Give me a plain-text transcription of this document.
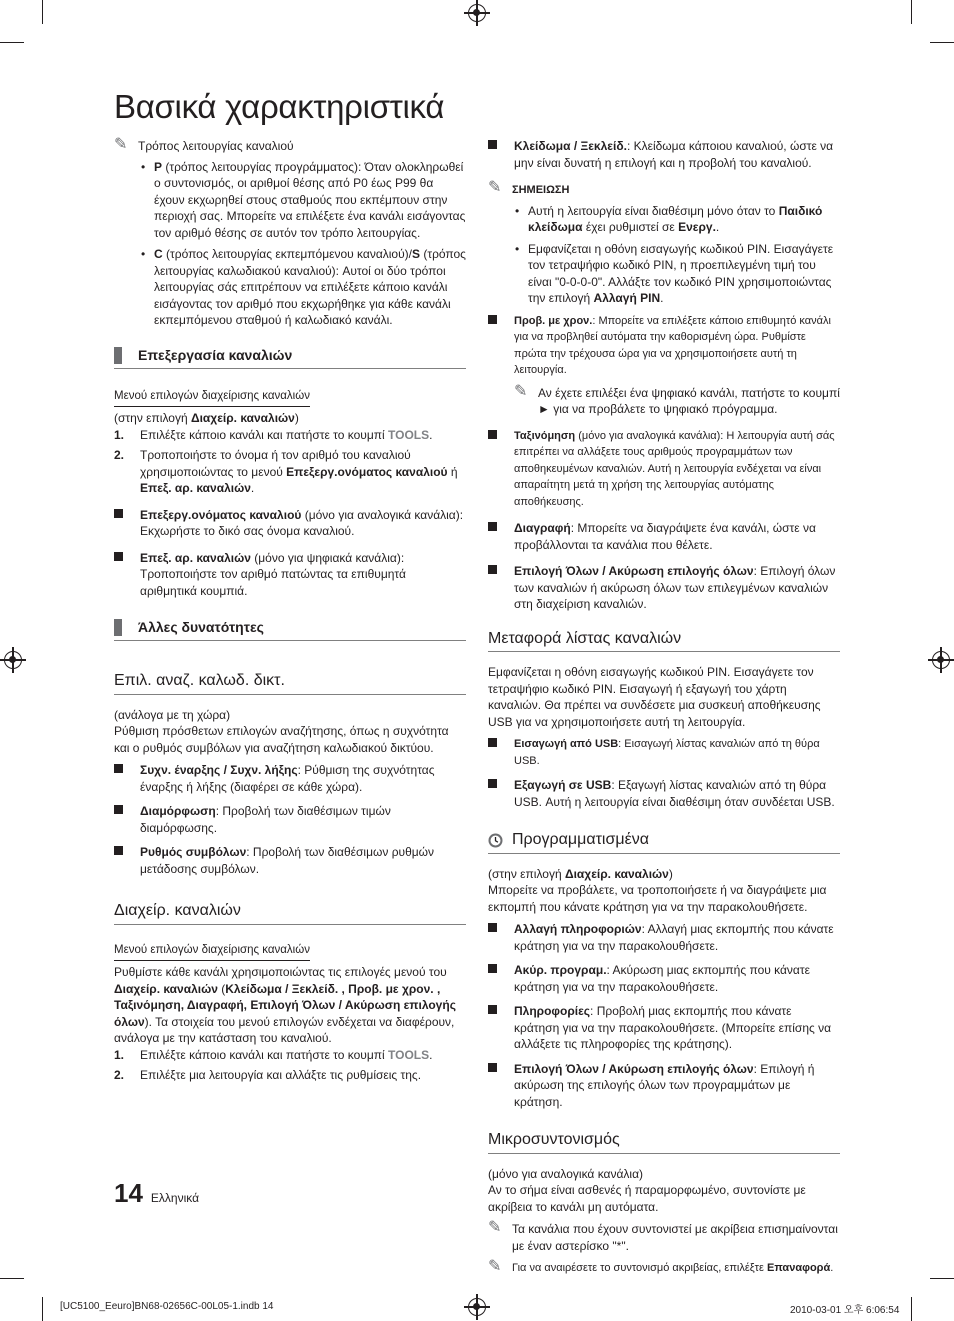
Βασικά χαρακτηριστικά
✎ Τρόπος λειτουργίας καναλιού
• P (τρόπος λειτουργίας προγράμματος): Όταν ολοκληρωθεί ο συντονισμός, οι αριθμοί θέσης από P0 έως P99 θα έχουν εκχωρηθεί στους σταθμούς που εκπέμπουν στην περιοχή σας. Μπορείτε να επιλέξετε ένα κανάλι εισάγοντας τον αριθμό θέσης σε αυτόν τον τρόπο λειτουργίας.
• C (τρόπος λειτουργίας εκπεμπόμενου καναλιού)/S (τρόπος λειτουργίας καλωδιακού καναλιού): Αυτοί οι δύο τρόποι λειτουργίας σάς επιτρέπουν να επιλέξετε κάποιο κανάλι εισάγοντας τον αριθμό που εκχωρήθηκε για κάθε κανάλι εκπεμπόμενου σταθμού ή καλωδιακό κανάλι.
Επεξεργασία καναλιών
Μενού επιλογών διαχείρισης καναλιών

(στην επιλογή Διαχείρ. καναλιών)

1. Επιλέξτε κάποιο κανάλι και πατήστε το κουμπί TOOLS.
2. Τροποποιήστε το όνομα ή τον αριθμό του καναλιού χρησιμοποιώντας το μενού Επεξεργ.ονόματος καναλιού ή Επεξ. αρ. καναλιών.
Επεξεργ.ονόματος καναλιού (μόνο για αναλογικά κανάλια): Εκχωρήστε το δικό σας όνομα καναλιού.
Επεξ. αρ. καναλιών (μόνο για ψηφιακά κανάλια): Τροποποιήστε τον αριθμό πατώντας τα επιθυμητά αριθμητικά κουμπιά.
Άλλες δυνατότητες
Επιλ. αναζ. καλωδ. δικτ.

(ανάλογα με τη χώρα)

Ρύθμιση πρόσθετων επιλογών αναζήτησης, όπως η συχνότητα και ο ρυθμός συμβόλων για αναζήτηση καλωδιακού δικτύου.

Συχν. έναρξης / Συχν. λήξης: Ρύθμιση της συχνότητας έναρξης ή λήξης (διαφέρει σε κάθε χώρα).
Διαμόρφωση: Προβολή των διαθέσιμων τιμών διαμόρφωσης.
Ρυθμός συμβόλων: Προβολή των διαθέσιμων ρυθμών μετάδοσης συμβόλων.
Διαχείρ. καναλιών
Μενού επιλογών διαχείρισης καναλιών

Ρυθμίστε κάθε κανάλι χρησιμοποιώντας τις επιλογές μενού του Διαχείρ. καναλιών (Κλείδωμα / Ξεκλείδ. , Προβ. με χρον. , Ταξινόμηση, Διαγραφή, Επιλογή Όλων / Ακύρωση επιλογής όλων). Τα στοιχεία του μενού επιλογών ενδέχεται να διαφέρουν, ανάλογα με την κατάσταση του καναλιού.

1. Επιλέξτε κάποιο κανάλι και πατήστε το κουμπί TOOLS.
2. Επιλέξτε μια λειτουργία και αλλάξτε τις ρυθμίσεις της.
Κλείδωμα / Ξεκλείδ.: Κλείδωμα κάποιου καναλιού, ώστε να μην είναι δυνατή η επιλογή και η προβολή του καναλιού.
✎ ΣΗΜΕΙΩΣΗ
• Αυτή η λειτουργία είναι διαθέσιμη μόνο όταν το Παιδικό κλείδωμα έχει ρυθμιστεί σε Ενεργ..
• Εμφανίζεται η οθόνη εισαγωγής κωδικού PIN. Εισαγάγετε τον τετραψήφιο κωδικό PIN, η προεπιλεγμένη τιμή του είναι "0-0-0-0". Αλλάξτε τον κωδικό PIN χρησιμοποιώντας την επιλογή Αλλαγή PIN.
Προβ. με χρον.: Μπορείτε να επιλέξετε κάποιο επιθυμητό κανάλι για να προβληθεί αυτόματα την καθορισμένη ώρα. Ρυθμίστε πρώτα την τρέχουσα ώρα για να χρησιμοποιήσετε αυτή τη λειτουργία.
✎ Αν έχετε επιλέξει ένα ψηφιακό κανάλι, πατήστε το κουμπί ► για να προβάλετε το ψηφιακό πρόγραμμα.
Ταξινόμηση (μόνο για αναλογικά κανάλια): Η λειτουργία αυτή σάς επιτρέπει να αλλάξετε τους αριθμούς προγραμμάτων των αποθηκευμένων καναλιών. Αυτή η λειτουργία ενδέχεται να είναι απαραίτητη μετά τη χρήση της λειτουργίας αυτόματης αποθήκευσης.
Διαγραφή: Μπορείτε να διαγράψετε ένα κανάλι, ώστε να προβάλλονται τα κανάλια που θέλετε.
Επιλογή Όλων / Ακύρωση επιλογής όλων: Επιλογή όλων των καναλιών ή ακύρωση όλων των επιλεγμένων καναλιών στη διαχείριση καναλιών.
Μεταφορά λίστας καναλιών

Εμφανίζεται η οθόνη εισαγωγής κωδικού PIN. Εισαγάγετε τον τετραψήφιο κωδικό PIN. Εισαγωγή ή εξαγωγή του χάρτη καναλιών. Θα πρέπει να συνδέσετε μια συσκευή αποθήκευσης USB για να χρησιμοποιήσετε αυτή τη λειτουργία.

Εισαγωγή από USB: Εισαγωγή λίστας καναλιών από τη θύρα USB.
Εξαγωγή σε USB: Εξαγωγή λίστας καναλιών από τη θύρα USB. Αυτή η λειτουργία είναι διαθέσιμη όταν συνδέεται USB.
Προγραμματισμένα

(στην επιλογή Διαχείρ. καναλιών)

Μπορείτε να προβάλετε, να τροποποιήσετε ή να διαγράψετε μια εκπομπή που κάνατε κράτηση για να την παρακολουθήσετε.

Αλλαγή πληροφοριών: Αλλαγή μιας εκπομπής που κάνατε κράτηση για να την παρακολουθήσετε.
Ακύρ. προγραμ.: Ακύρωση μιας εκπομπής που κάνατε κράτηση για να την παρακολουθήσετε.
Πληροφορίες: Προβολή μιας εκπομπής που κάνατε κράτηση για να την παρακολουθήσετε. (Μπορείτε επίσης να αλλάξετε τις πληροφορίες της κράτησης).
Επιλογή Όλων / Ακύρωση επιλογής όλων: Επιλογή ή ακύρωση της επιλογής όλων των προγραμμάτων με κράτηση.
Μικροσυντονισμός

(μόνο για αναλογικά κανάλια)

Αν το σήμα είναι ασθενές ή παραμορφωμένο, συντονίστε με ακρίβεια το κανάλι μη αυτόματα.

✎ Τα κανάλια που έχουν συντονιστεί με ακρίβεια επισημαίνονται με έναν αστερίσκο "*".
✎ Για να αναιρέσετε το συντονισμό ακριβείας, επιλέξτε Επαναφορά.
14 Ελληνικά
[UC5100_Eeuro]BN68-02656C-00L05-1.indb 14	2010-03-01 오후 6:06:54
